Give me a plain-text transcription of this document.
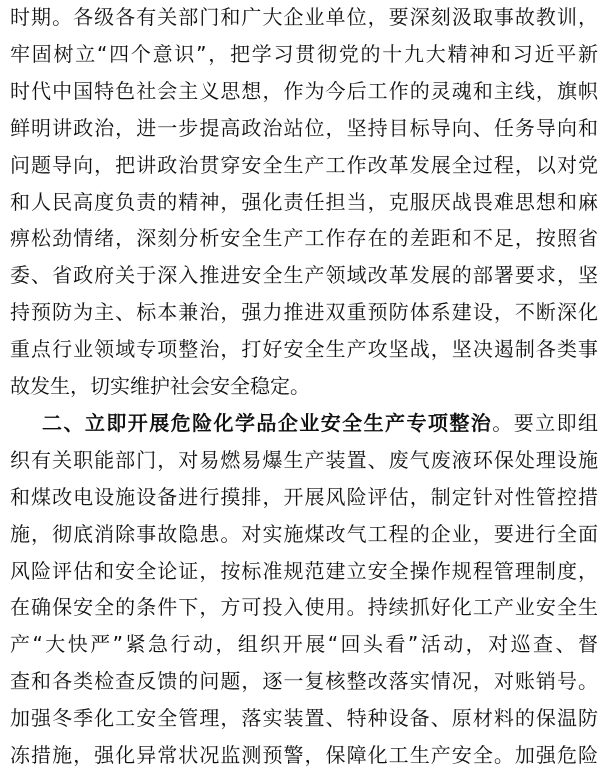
时期。各级各有关部门和广大企业单位，要深刻汲取事故教训，
牢固树立“四个意识”，把学习贯彻党的十九大精神和习近平新
时代中国特色社会主义思想，作为今后工作的灵魂和主线，旗帜
鲜明讲政治，进一步提高政治站位，坚持目标导向、任务导向和
问题导向，把讲政治贯穿安全生产工作改革发展全过程，以对党
和人民高度负责的精神，强化责任担当，克服厌战畏难思想和麻
痹松劲情绪，深刻分析安全生产工作存在的差距和不足，按照省
委、省政府关于深入推进安全生产领域改革发展的部署要求，坚
持预防为主、标本兼治，强力推进双重预防体系建设，不断深化
重点行业领域专项整治，打好安全生产攻坚战，坚决遏制各类事
故发生，切实维护社会安全稳定。
二、立即开展危险化学品企业安全生产专项整治。要立即组
织有关职能部门，对易燃易爆生产装置、废气废液环保处理设施
和煤改电设施设备进行摸排，开展风险评估，制定针对性管控措
施，彻底消除事故隐患。对实施煤改气工程的企业，要进行全面
风险评估和安全论证，按标准规范建立安全操作规程管理制度，
在确保安全的条件下，方可投入使用。持续抓好化工产业安全生
产“大快严”紧急行动，组织开展“回头看”活动，对巡查、督
查和各类检查反馈的问题，逐一复核整改落实情况，对账销号。
加强冬季化工安全管理，落实装置、特种设备、原材料的保温防
冻措施，强化异常状况监测预警，保障化工生产安全。加强危险
